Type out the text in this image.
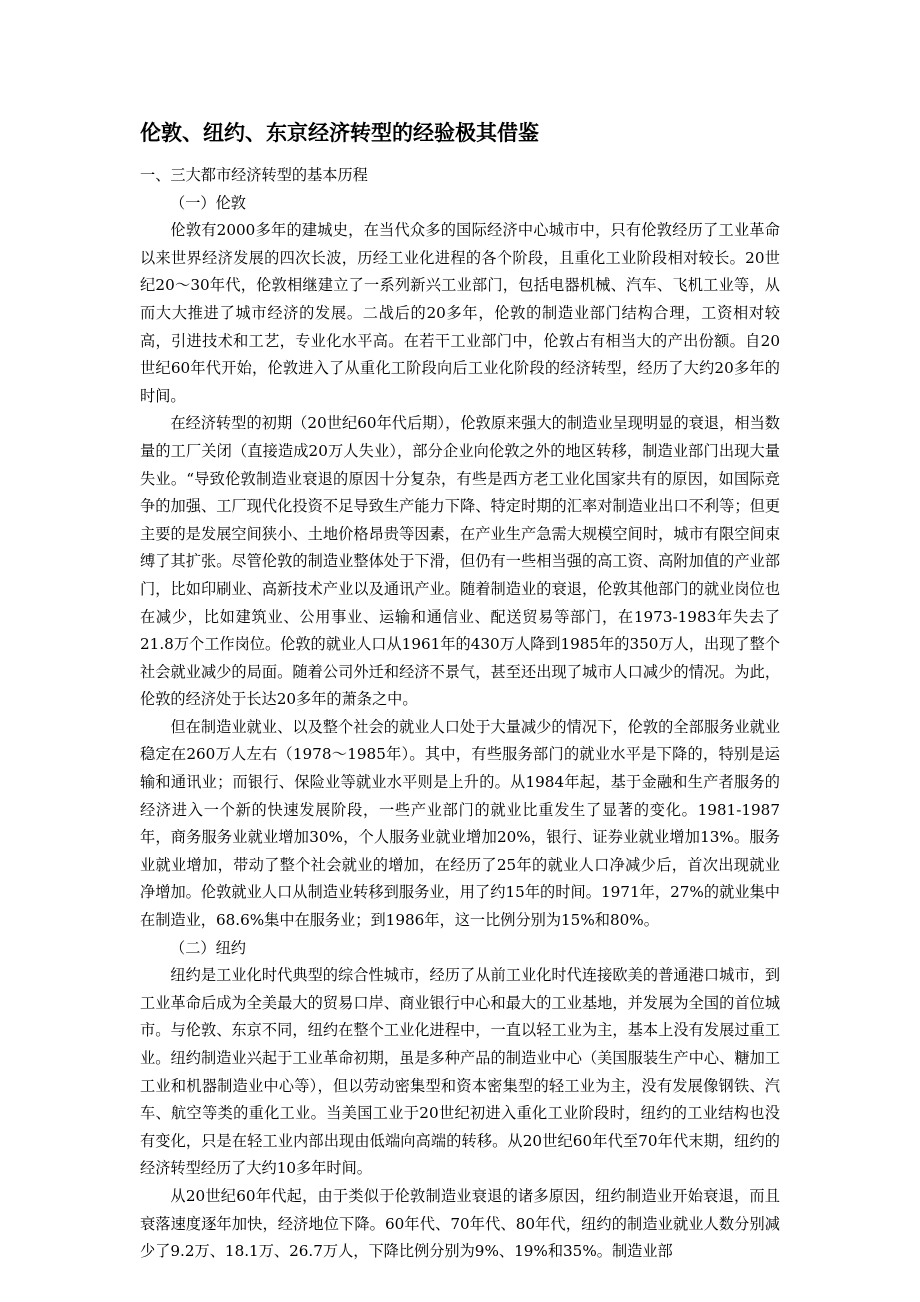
伦敦、纽约、东京经济转型的经验极其借鉴
一、三大都市经济转型的基本历程
（一）伦敦

伦敦有2000多年的建城史，在当代众多的国际经济中心城市中，只有伦敦经历了工业革命以来世界经济发展的四次长波，历经工业化进程的各个阶段，且重化工业阶段相对较长。20世纪20～30年代，伦敦相继建立了一系列新兴工业部门，包括电器机械、汽车、飞机工业等，从而大大推进了城市经济的发展。二战后的20多年，伦敦的制造业部门结构合理，工资相对较高，引进技术和工艺，专业化水平高。在若干工业部门中，伦敦占有相当大的产出份额。自20世纪60年代开始，伦敦进入了从重化工阶段向后工业化阶段的经济转型，经历了大约20多年的时间。

在经济转型的初期（20世纪60年代后期），伦敦原来强大的制造业呈现明显的衰退，相当数量的工厂关闭（直接造成20万人失业），部分企业向伦敦之外的地区转移，制造业部门出现大量失业。“导致伦敦制造业衰退的原因十分复杂，有些是西方老工业化国家共有的原因，如国际竞争的加强、工厂现代化投资不足导致生产能力下降、特定时期的汇率对制造业出口不利等；但更主要的是发展空间狭小、土地价格昂贵等因素，在产业生产急需大规模空间时，城市有限空间束缚了其扩张。尽管伦敦的制造业整体处于下滑，但仍有一些相当强的高工资、高附加值的产业部门，比如印刷业、高新技术产业以及通讯产业。随着制造业的衰退，伦敦其他部门的就业岗位也在减少，比如建筑业、公用事业、运输和通信业、配送贸易等部门，在1973-1983年失去了21.8万个工作岗位。伦敦的就业人口从1961年的430万人降到1985年的350万人，出现了整个社会就业减少的局面。随着公司外迁和经济不景气，甚至还出现了城市人口减少的情况。为此，伦敦的经济处于长达20多年的萧条之中。

但在制造业就业、以及整个社会的就业人口处于大量减少的情况下，伦敦的全部服务业就业稳定在260万人左右（1978～1985年）。其中，有些服务部门的就业水平是下降的，特别是运输和通讯业；而银行、保险业等就业水平则是上升的。从1984年起，基于金融和生产者服务的经济进入一个新的快速发展阶段，一些产业部门的就业比重发生了显著的变化。1981-1987年，商务服务业就业增加30%，个人服务业就业增加20%，银行、证券业就业增加13%。服务业就业增加，带动了整个社会就业的增加，在经历了25年的就业人口净减少后，首次出现就业净增加。伦敦就业人口从制造业转移到服务业，用了约15年的时间。1971年，27%的就业集中在制造业，68.6%集中在服务业；到1986年，这一比例分别为15%和80%。

（二）纽约

纽约是工业化时代典型的综合性城市，经历了从前工业化时代连接欧美的普通港口城市，到工业革命后成为全美最大的贸易口岸、商业银行中心和最大的工业基地，并发展为全国的首位城市。与伦敦、东京不同，纽约在整个工业化进程中，一直以轻工业为主，基本上没有发展过重工业。纽约制造业兴起于工业革命初期，虽是多种产品的制造业中心（美国服装生产中心、糖加工工业和机器制造业中心等），但以劳动密集型和资本密集型的轻工业为主，没有发展像钢铁、汽车、航空等类的重化工业。当美国工业于20世纪初进入重化工业阶段时，纽约的工业结构也没有变化，只是在轻工业内部出现由低端向高端的转移。从20世纪60年代至70年代末期，纽约的经济转型经历了大约10多年时间。

从20世纪60年代起，由于类似于伦敦制造业衰退的诸多原因，纽约制造业开始衰退，而且衰落速度逐年加快，经济地位下降。60年代、70年代、80年代，纽约的制造业就业人数分别减少了9.2万、18.1万、26.7万人，下降比例分别为9%、19%和35%。制造业部
